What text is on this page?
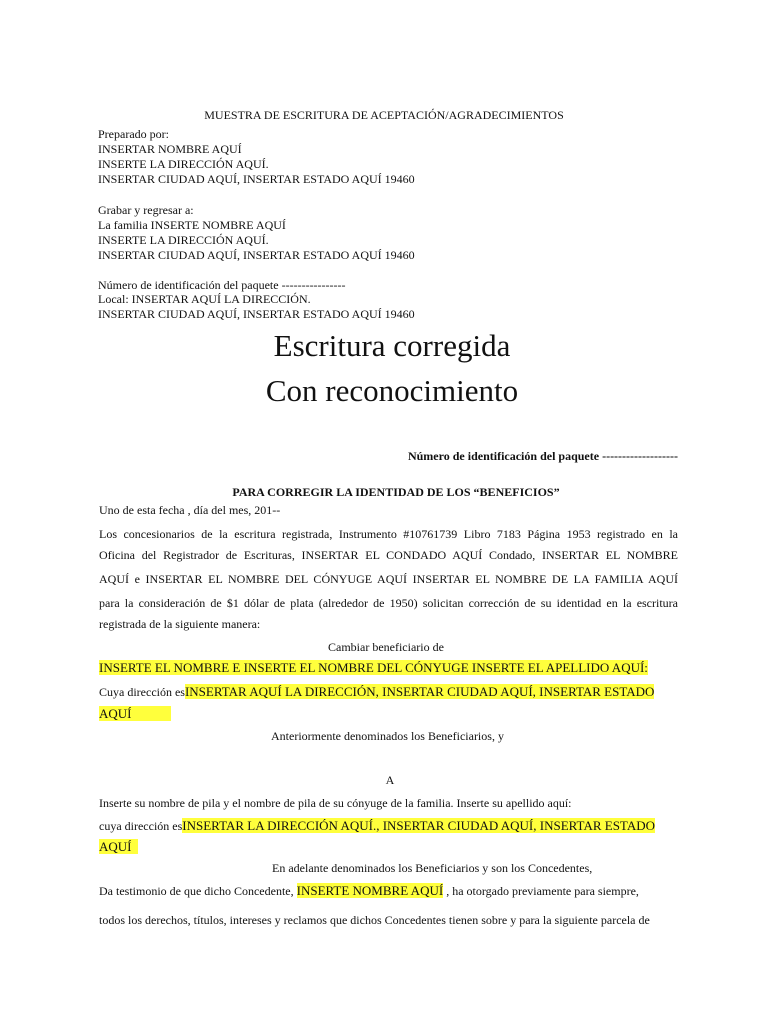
MUESTRA DE ESCRITURA DE ACEPTACIÓN/AGRADECIMIENTOS
Preparado por:
INSERTAR NOMBRE AQUÍ
INSERTE LA DIRECCIÓN AQUÍ.
INSERTAR CIUDAD AQUÍ, INSERTAR ESTADO AQUÍ 19460
Grabar y regresar a:
La familia INSERTE NOMBRE AQUÍ
INSERTE LA DIRECCIÓN AQUÍ.
INSERTAR CIUDAD AQUÍ, INSERTAR ESTADO AQUÍ 19460
Número de identificación del paquete ----------------
Local: INSERTAR AQUÍ LA DIRECCIÓN.
INSERTAR CIUDAD AQUÍ, INSERTAR ESTADO AQUÍ 19460
Escritura corregida
Con reconocimiento
Número de identificación del paquete -------------------
PARA CORREGIR LA IDENTIDAD DE LOS “BENEFICIOS”
Uno de esta fecha , día del mes, 201--
Los concesionarios de la escritura registrada, Instrumento #10761739 Libro 7183 Página 1953 registrado en la
Oficina del Registrador de Escrituras, INSERTAR EL CONDADO AQUÍ Condado, INSERTAR EL NOMBRE
AQUÍ e INSERTAR EL NOMBRE DEL CÓNYUGE AQUÍ INSERTAR EL NOMBRE DE LA FAMILIA AQUÍ
para la consideración de $1 dólar de plata (alrededor de 1950) solicitan corrección de su identidad en la escritura
registrada de la siguiente manera:
Cambiar beneficiario de
INSERTE EL NOMBRE E INSERTE EL NOMBRE DEL CÓNYUGE INSERTE EL APELLIDO AQUÍ:
Cuya dirección esINSERTAR AQUÍ LA DIRECCIÓN, INSERTAR CIUDAD AQUÍ, INSERTAR ESTADO
AQUÍ
Anteriormente denominados los Beneficiarios, y
A
Inserte su nombre de pila y el nombre de pila de su cónyuge de la familia. Inserte su apellido aquí:
cuya dirección esINSERTAR LA DIRECCIÓN AQUÍ., INSERTAR CIUDAD AQUÍ, INSERTAR ESTADO
AQUÍ
En adelante denominados los Beneficiarios y son los Concedentes,
Da testimonio de que dicho Concedente, INSERTE NOMBRE AQUÍ , ha otorgado previamente para siempre,
todos los derechos, títulos, intereses y reclamos que dichos Concedentes tienen sobre y para la siguiente parcela de
